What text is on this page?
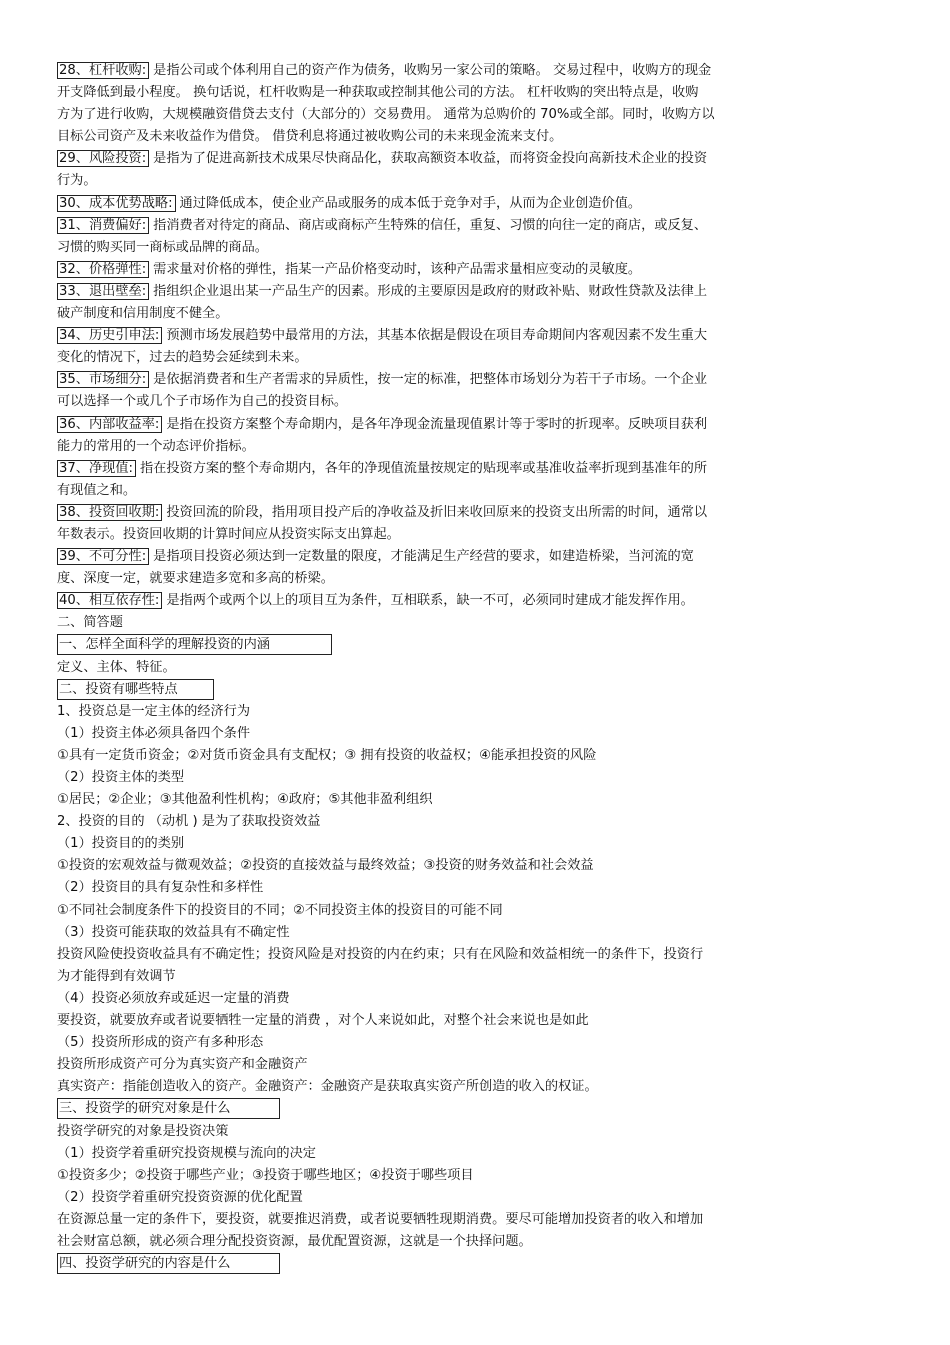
28、杠杆收购: 是指公司或个体利用自己的资产作为债务，收购另一家公司的策略。 交易过程中，收购方的现金
开支降低到最小程度。 换句话说，杠杆收购是一种获取或控制其他公司的方法。 杠杆收购的突出特点是，收购
方为了进行收购，大规模融资借贷去支付（大部分的）交易费用。 通常为总购价的 70%或全部。同时，收购方以
目标公司资产及未来收益作为借贷。 借贷利息将通过被收购公司的未来现金流来支付。
29、风险投资: 是指为了促进高新技术成果尽快商品化，获取高额资本收益，而将资金投向高新技术企业的投资
行为。
30、成本优势战略: 通过降低成本，使企业产品或服务的成本低于竞争对手，从而为企业创造价值。
31、消费偏好: 指消费者对待定的商品、商店或商标产生特殊的信任，重复、习惯的向往一定的商店，或反复、
习惯的购买同一商标或品牌的商品。
32、价格弹性: 需求量对价格的弹性，指某一产品价格变动时，该种产品需求量相应变动的灵敏度。
33、退出壁垒: 指组织企业退出某一产品生产的因素。形成的主要原因是政府的财政补贴、财政性贷款及法律上
破产制度和信用制度不健全。
34、历史引申法: 预测市场发展趋势中最常用的方法，其基本依据是假设在项目寿命期间内客观因素不发生重大
变化的情况下，过去的趋势会延续到未来。
35、市场细分: 是依据消费者和生产者需求的异质性，按一定的标准，把整体市场划分为若干子市场。一个企业
可以选择一个或几个子市场作为自己的投资目标。
36、内部收益率: 是指在投资方案整个寿命期内，是各年净现金流量现值累计等于零时的折现率。反映项目获利
能力的常用的一个动态评价指标。
37、净现值: 指在投资方案的整个寿命期内，各年的净现值流量按规定的贴现率或基准收益率折现到基准年的所
有现值之和。
38、投资回收期: 投资回流的阶段，指用项目投产后的净收益及折旧来收回原来的投资支出所需的时间，通常以
年数表示。投资回收期的计算时间应从投资实际支出算起。
39、不可分性: 是指项目投资必须达到一定数量的限度，才能满足生产经营的要求，如建造桥梁，当河流的宽
度、深度一定，就要求建造多宽和多高的桥梁。
40、相互依存性: 是指两个或两个以上的项目互为条件，互相联系，缺一不可，必须同时建成才能发挥作用。
二、简答题
一、怎样全面科学的理解投资的内涵
定义、主体、特征。
二、投资有哪些特点
1、投资总是一定主体的经济行为
（1）投资主体必须具备四个条件
①具有一定货币资金；②对货币资金具有支配权；③ 拥有投资的收益权；④能承担投资的风险
（2）投资主体的类型
①居民；②企业；③其他盈利性机构；④政府；⑤其他非盈利组织
2、投资的目的 （动机 ) 是为了获取投资效益
（1）投资目的的类别
①投资的宏观效益与微观效益；②投资的直接效益与最终效益；③投资的财务效益和社会效益
（2）投资目的具有复杂性和多样性
①不同社会制度条件下的投资目的不同；②不同投资主体的投资目的可能不同
（3）投资可能获取的效益具有不确定性
投资风险使投资收益具有不确定性；投资风险是对投资的内在约束；只有在风险和效益相统一的条件下，投资行
为才能得到有效调节
（4）投资必须放弃或延迟一定量的消费
要投资，就要放弃或者说要牺牲一定量的消费 ，对个人来说如此，对整个社会来说也是如此
（5）投资所形成的资产有多种形态
投资所形成资产可分为真实资产和金融资产
真实资产：指能创造收入的资产。金融资产：金融资产是获取真实资产所创造的收入的权证。
三、投资学的研究对象是什么
投资学研究的对象是投资决策
（1）投资学着重研究投资规模与流向的决定
①投资多少；②投资于哪些产业；③投资于哪些地区；④投资于哪些项目
（2）投资学着重研究投资资源的优化配置
在资源总量一定的条件下，要投资，就要推迟消费，或者说要牺牲现期消费。要尽可能增加投资者的收入和增加
社会财富总额，就必须合理分配投资资源，最优配置资源，这就是一个抉择问题。
四、投资学研究的内容是什么
